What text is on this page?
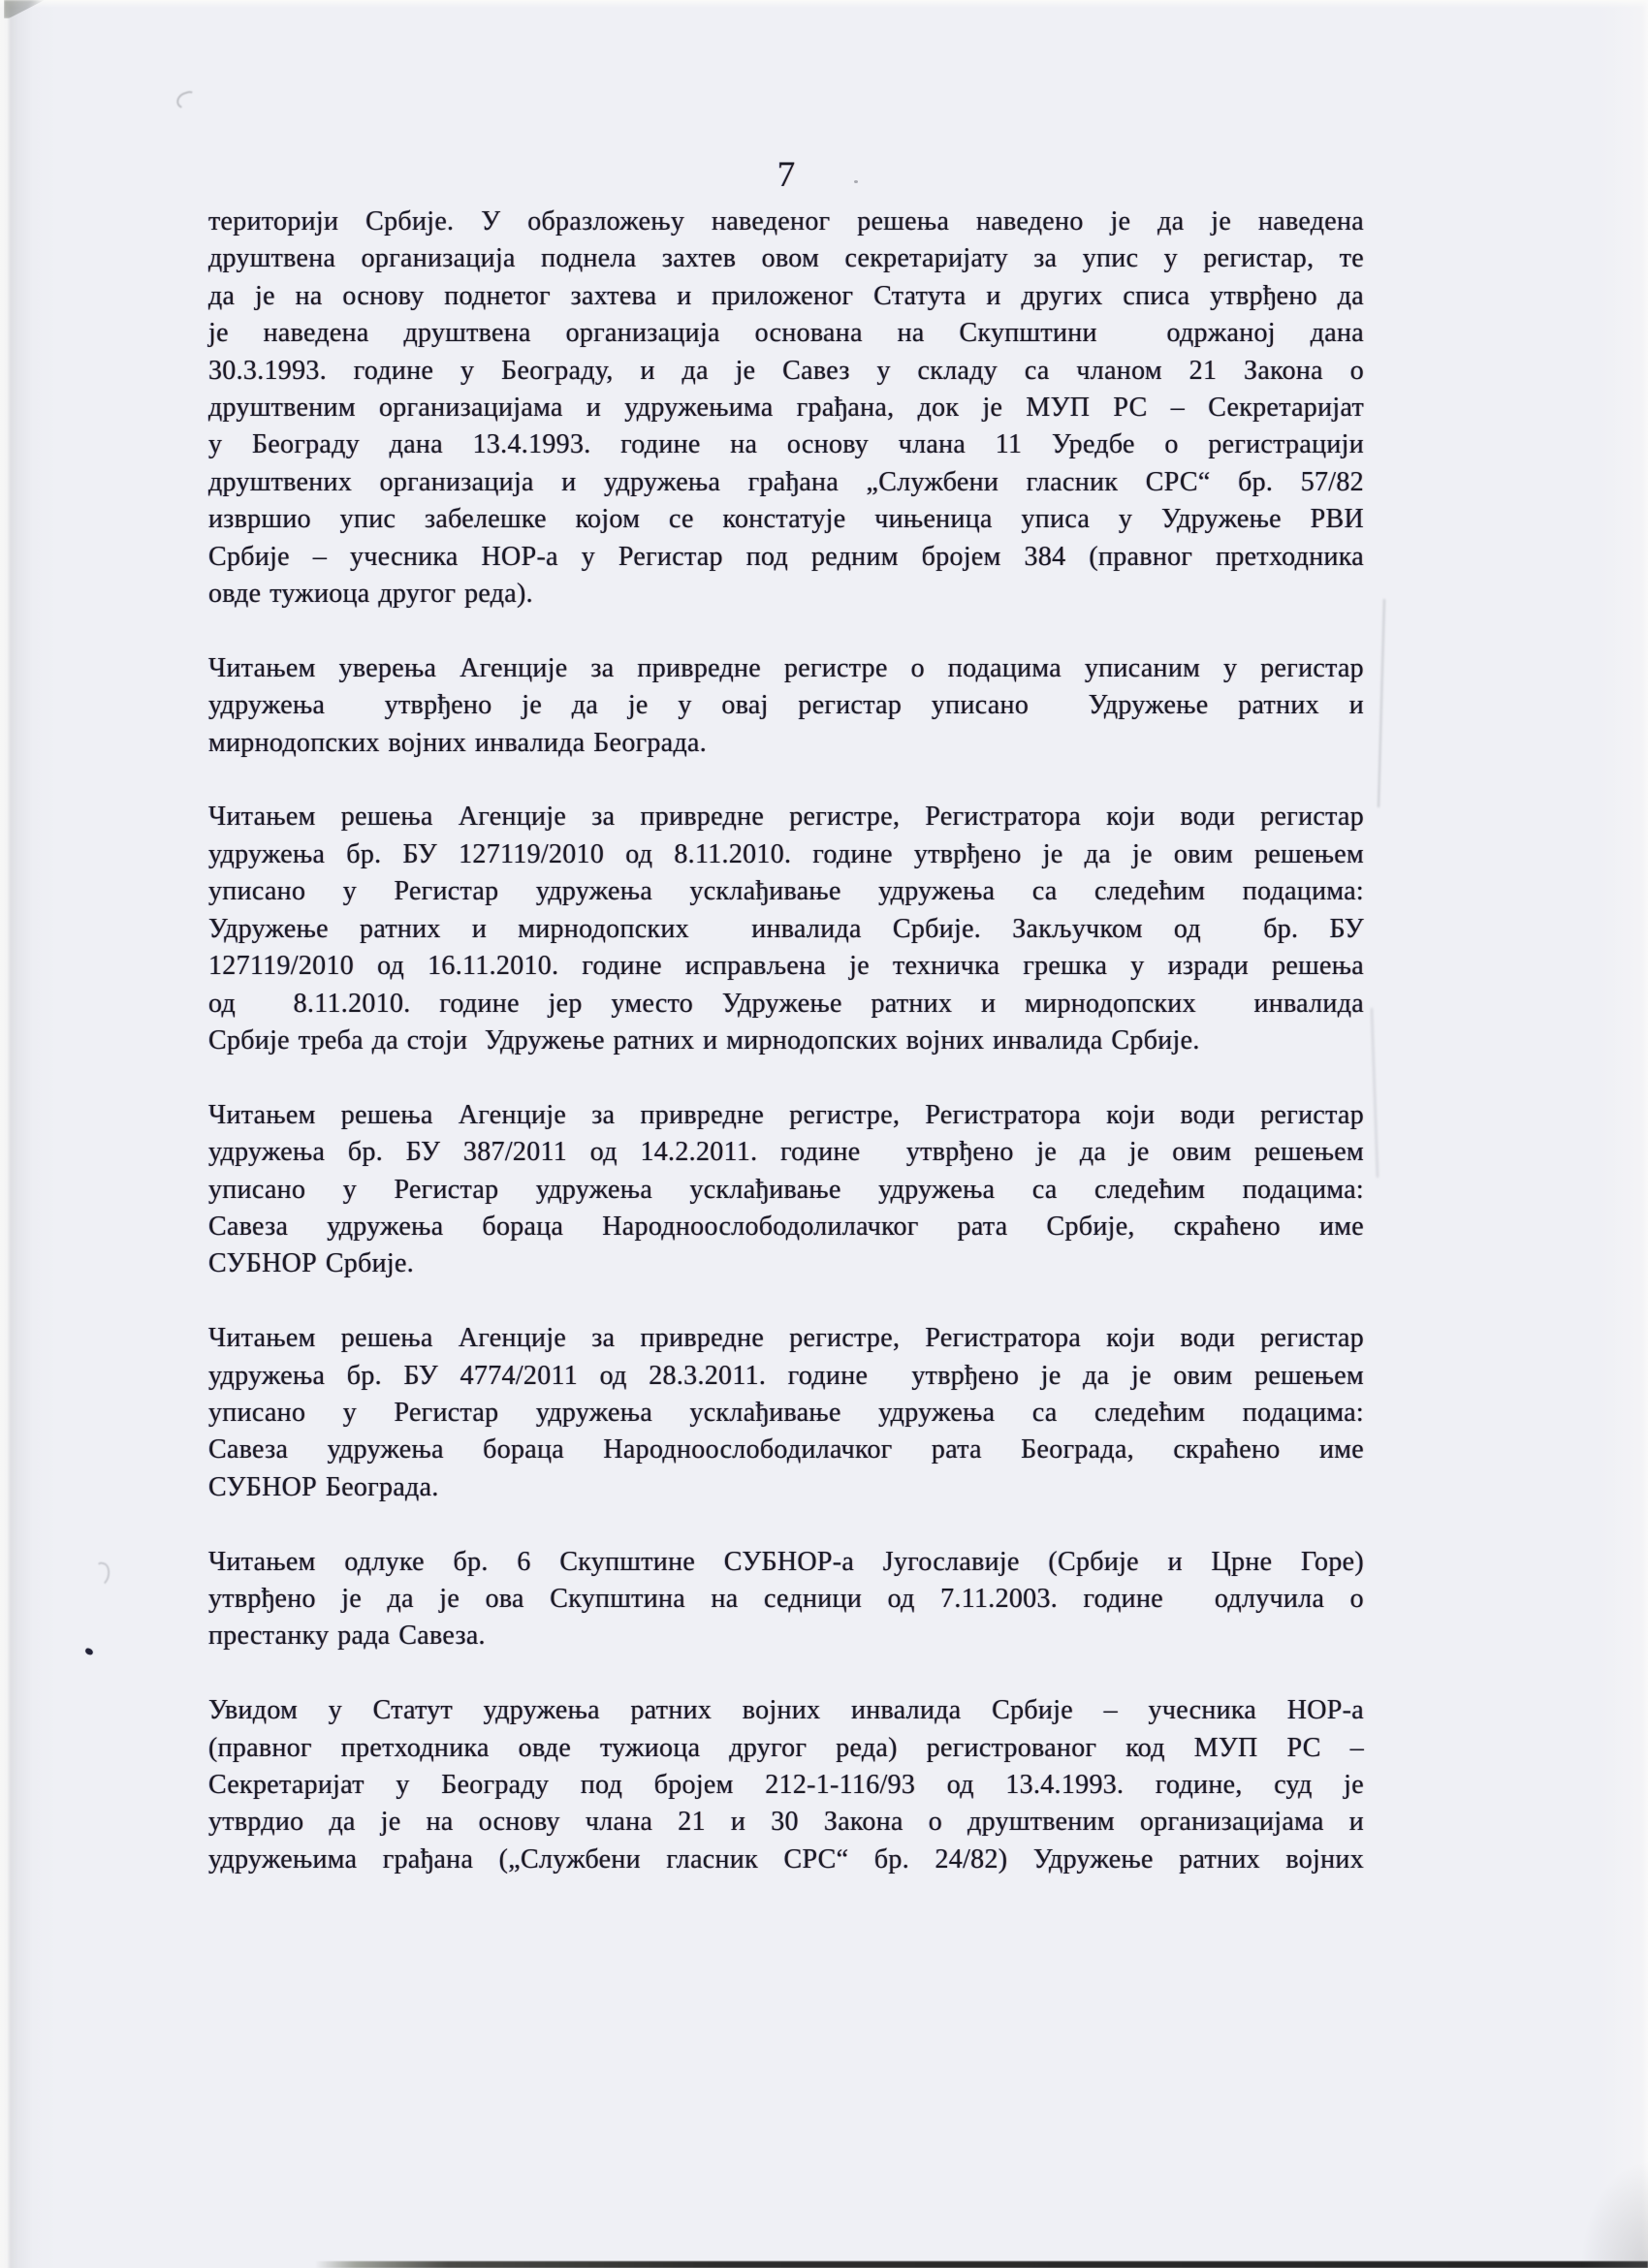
7
територији Србије. У образложењу наведеног решења наведено је да је наведена
друштвена организација поднела захтев овом секретаријату за упис у регистар, те
да је на основу поднетог захтева и приложеног Статута и других списа утврђено да
је наведена друштвена организација основана на Скупштини  одржаној дана
30.3.1993. године у Београду, и да је Савез у складу са чланом 21 Закона о
друштвеним организацијама и удружењима грађана, док је МУП РС – Секретаријат
у Београду дана 13.4.1993. године на основу члана 11 Уредбе о регистрацији
друштвених организација и удружења грађана „Службени гласник СРС“ бр. 57/82
извршио упис забелешке којом се констатује чињеница уписа у Удружење РВИ
Србије – учесника НОР-а у Регистар под редним бројем 384 (правног претходника
овде тужиоца другог реда).
Читањем уверења Агенције за привредне регистре о подацима уписаним у регистар
удружења  утврђено је да је у овај регистар уписано  Удружење ратних и
мирнодопских војних инвалида Београда.
Читањем решења Агенције за привредне регистре, Регистратора који води регистар
удружења бр. БУ 127119/2010 од 8.11.2010. године утврђено је да је овим решењем
уписано у Регистар удружења усклађивање удружења са следећим подацима:
Удружење ратних и мирнодопских  инвалида Србије. Закључком од  бр. БУ
127119/2010 од 16.11.2010. године исправљена је техничка грешка у изради решења
од  8.11.2010. године јер уместо Удружење ратних и мирнодопских  инвалида
Србије треба да стоји  Удружење ратних и мирнодопских војних инвалида Србије.
Читањем решења Агенције за привредне регистре, Регистратора који води регистар
удружења бр. БУ 387/2011 од 14.2.2011. године  утврђено је да је овим решењем
уписано у Регистар удружења усклађивање удружења са следећим подацима:
Савеза удружења бораца Народноослободолилачког рата Србије, скраћено име
СУБНОР Србије.
Читањем решења Агенције за привредне регистре, Регистратора који води регистар
удружења бр. БУ 4774/2011 од 28.3.2011. године  утврђено је да је овим решењем
уписано у Регистар удружења усклађивање удружења са следећим подацима:
Савеза удружења бораца Народноослободилачког рата Београда, скраћено име
СУБНОР Београда.
Читањем одлуке бр. 6 Скупштине СУБНОР-а Југославије (Србије и Црне Горе)
утврђено је да је ова Скупштина на седници од 7.11.2003. године  одлучила о
престанку рада Савеза.
Увидом у Статут удружења ратних војних инвалида Србије – учесника НОР-а
(правног претходника овде тужиоца другог реда) регистрованог код МУП РС –
Секретаријат у Београду под бројем 212-1-116/93 од 13.4.1993. године, суд је
утврдио да је на основу члана 21 и 30 Закона о друштвеним организацијама и
удружењима грађана („Службени гласник СРС“ бр. 24/82) Удружење ратних војних
